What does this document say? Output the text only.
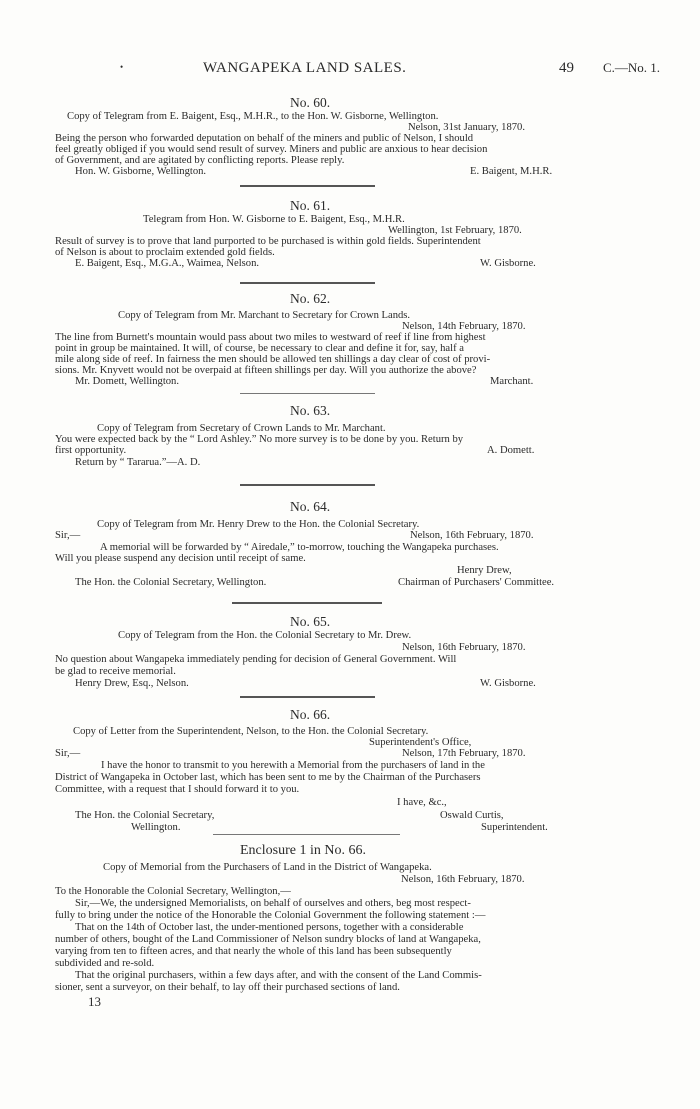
•	WANGAPEKA LAND SALES.	49 C.—No. 1.
No. 60.
Copy of Telegram from E. Baigent, Esq., M.H.R., to the Hon. W. Gisborne, Wellington.
Nelson, 31st January, 1870.
Being the person who forwarded deputation on behalf of the miners and public of Nelson, I should
feel greatly obliged if you would send result of survey. Miners and public are anxious to hear decision
of Government, and are agitated by conflicting reports. Please reply.
Hon. W. Gisborne, Wellington.	E. Baigent, M.H.R.
No. 61.
Telegram from Hon. W. Gisborne to E. Baigent, Esq., M.H.R.
Wellington, 1st February, 1870.
Result of survey is to prove that land purported to be purchased is within gold fields. Superintendent
of Nelson is about to proclaim extended gold fields.
E. Baigent, Esq., M.G.A., Waimea, Nelson.	W. Gisborne.
No. 62.
Copy of Telegram from Mr. Marchant to Secretary for Crown Lands.
Nelson, 14th February, 1870.
The line from Burnett's mountain would pass about two miles to westward of reef if line from highest
point in group be maintained. It will, of course, be necessary to clear and define it for, say, half a
mile along side of reef. In fairness the men should be allowed ten shillings a day clear of cost of provi-
sions. Mr. Knyvett would not be overpaid at fifteen shillings per day. Will you authorize the above?
Mr. Domett, Wellington.	Marchant.
No. 63.
Copy of Telegram from Secretary of Crown Lands to Mr. Marchant.
You were expected back by the “ Lord Ashley.” No more survey is to be done by you. Return by
first opportunity.	A. Domett.
Return by “ Tararua.”—A. D.
No. 64.
Copy of Telegram from Mr. Henry Drew to the Hon. the Colonial Secretary.
Sir,—	Nelson, 16th February, 1870.
A memorial will be forwarded by “ Airedale,” to-morrow, touching the Wangapeka purchases.
Will you please suspend any decision until receipt of same.
Henry Drew,
The Hon. the Colonial Secretary, Wellington.	Chairman of Purchasers' Committee.
No. 65.
Copy of Telegram from the Hon. the Colonial Secretary to Mr. Drew.
Nelson, 16th February, 1870.
No question about Wangapeka immediately pending for decision of General Government. Will
be glad to receive memorial.
Henry Drew, Esq., Nelson.	W. Gisborne.
No. 66.
Copy of Letter from the Superintendent, Nelson, to the Hon. the Colonial Secretary.
Superintendent's Office,
Sir,—	Nelson, 17th February, 1870.
I have the honor to transmit to you herewith a Memorial from the purchasers of land in the
District of Wangapeka in October last, which has been sent to me by the Chairman of the Purchasers
Committee, with a request that I should forward it to you.
I have, &c.,
The Hon. the Colonial Secretary,	Oswald Curtis,
Wellington.	Superintendent.
Enclosure 1 in No. 66.
Copy of Memorial from the Purchasers of Land in the District of Wangapeka.
Nelson, 16th February, 1870.
To the Honorable the Colonial Secretary, Wellington,—
Sir,—We, the undersigned Memorialists, on behalf of ourselves and others, beg most respect-
fully to bring under the notice of the Honorable the Colonial Government the following statement :—
That on the 14th of October last, the under-mentioned persons, together with a considerable
number of others, bought of the Land Commissioner of Nelson sundry blocks of land at Wangapeka,
varying from ten to fifteen acres, and that nearly the whole of this land has been subsequently
subdivided and re-sold.
That the original purchasers, within a few days after, and with the consent of the Land Commis-
sioner, sent a surveyor, on their behalf, to lay off their purchased sections of land.
13
